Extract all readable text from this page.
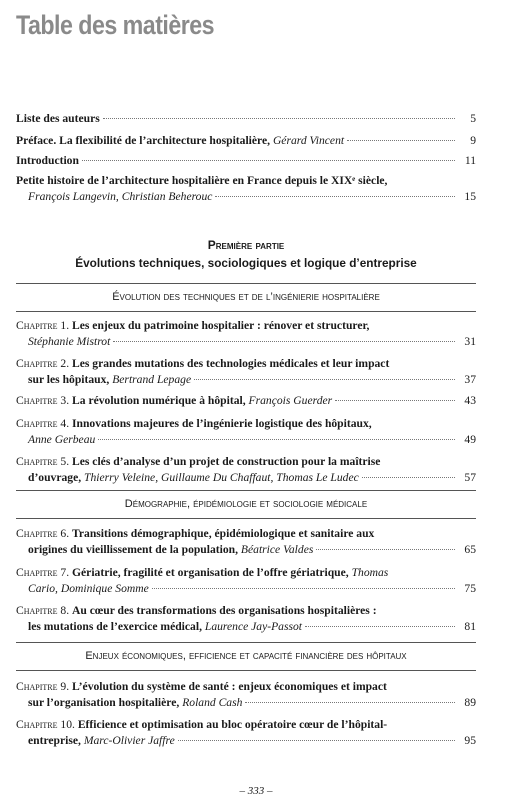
Table des matières
Liste des auteurs	5
Préface. La flexibilité de l’architecture hospitalière,
Gérard Vincent	9
Introduction	11
Petite histoire de l’architecture hospitalière en France depuis le XIXᵉ siècle,
François Langevin, Christian Beherouc	15
Première partie
Évolutions techniques, sociologiques et logique d’entreprise
Évolution des techniques et de l’ingénierie hospitalière
Chapitre 1.
Les enjeux du patrimoine hospitalier : rénover et structurer,
Stéphanie Mistrot	31
Chapitre 2.
Les grandes mutations des technologies médicales et leur impact
sur les hôpitaux,
Bertrand Lepage	37
Chapitre 3.
La révolution numérique à hôpital,
François Guerder	43
Chapitre 4.
Innovations majeures de l’ingénierie logistique des hôpitaux,
Anne Gerbeau	49
Chapitre 5.
Les clés d’analyse d’un projet de construction pour la maîtrise
d’ouvrage,
Thierry Veleine, Guillaume Du Chaffaut, Thomas Le Ludec	57
Démographie, épidémiologie et sociologie médicale
Chapitre 6.
Transitions démographique, épidémiologique et sanitaire aux
origines du vieillissement de la population,
Béatrice Valdes	65
Chapitre 7.
Gériatrie, fragilité et organisation de l’offre gériatrique,
Thomas
Cario, Dominique Somme	75
Chapitre 8.
Au cœur des transformations des organisations hospitalières :
les mutations de l’exercice médical,
Laurence Jay-Passot	81
Enjeux économiques, efficience et capacité financière des hôpitaux
Chapitre 9.
L’évolution du système de santé : enjeux économiques et impact
sur l’organisation hospitalière,
Roland Cash	89
Chapitre 10.
Efficience et optimisation au bloc opératoire cœur de l’hôpital-
entreprise,
Marc-Olivier Jaffre	95
– 333 –
